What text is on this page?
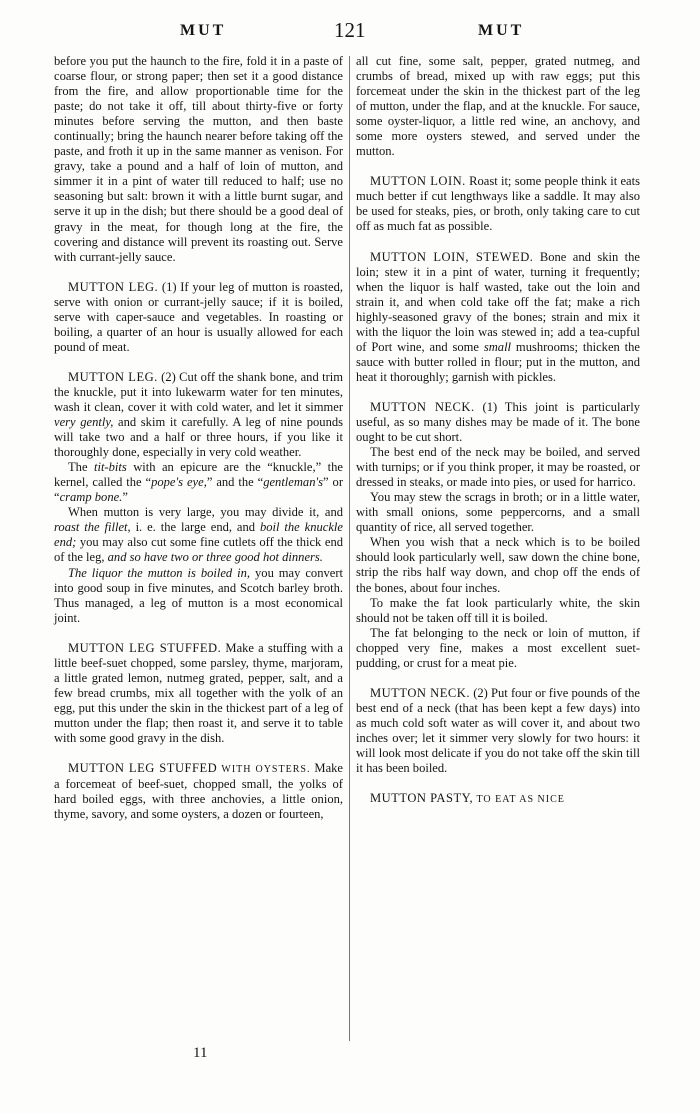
MUT	121	MUT

before you put the haunch to the fire, fold it in a paste of coarse flour, or strong paper; then set it a good distance from the fire, and allow proportionable time for the paste; do not take it off, till about thirty-five or forty minutes before serving the mutton, and then baste continually; bring the haunch nearer before taking off the paste, and froth it up in the same manner as venison. For gravy, take a pound and a half of loin of mutton, and simmer it in a pint of water till reduced to half; use no seasoning but salt: brown it with a little burnt sugar, and serve it up in the dish; but there should be a good deal of gravy in the meat, for though long at the fire, the covering and distance will prevent its roasting out. Serve with currant-jelly sauce.

MUTTON LEG. (1) If your leg of mutton is roasted, serve with onion or currant-jelly sauce; if it is boiled, serve with caper-sauce and vegetables. In roasting or boiling, a quarter of an hour is usually allowed for each pound of meat.

MUTTON LEG. (2) Cut off the shank bone, and trim the knuckle, put it into lukewarm water for ten minutes, wash it clean, cover it with cold water, and let it simmer very gently, and skim it carefully. A leg of nine pounds will take two and a half or three hours, if you like it thoroughly done, especially in very cold weather.

The tit-bits with an epicure are the “knuckle,” the kernel, called the “pope's eye,” and the “gentleman's” or “cramp bone.”

When mutton is very large, you may divide it, and roast the fillet, i. e. the large end, and boil the knuckle end; you may also cut some fine cutlets off the thick end of the leg, and so have two or three good hot dinners.

The liquor the mutton is boiled in, you may convert into good soup in five minutes, and Scotch barley broth. Thus managed, a leg of mutton is a most economical joint.

MUTTON LEG STUFFED. Make a stuffing with a little beef-suet chopped, some parsley, thyme, marjoram, a little grated lemon, nutmeg grated, pepper, salt, and a few bread crumbs, mix all together with the yolk of an egg, put this under the skin in the thickest part of a leg of mutton under the flap; then roast it, and serve it to table with some good gravy in the dish.

MUTTON LEG STUFFED WITH OYSTERS. Make a forcemeat of beef-suet, chopped small, the yolks of hard boiled eggs, with three anchovies, a little onion, thyme, savory, and some oysters, a dozen or fourteen,

all cut fine, some salt, pepper, grated nutmeg, and crumbs of bread, mixed up with raw eggs; put this forcemeat under the skin in the thickest part of the leg of mutton, under the flap, and at the knuckle. For sauce, some oyster-liquor, a little red wine, an anchovy, and some more oysters stewed, and served under the mutton.

MUTTON LOIN. Roast it; some people think it eats much better if cut lengthways like a saddle. It may also be used for steaks, pies, or broth, only taking care to cut off as much fat as possible.

MUTTON LOIN, STEWED. Bone and skin the loin; stew it in a pint of water, turning it frequently; when the liquor is half wasted, take out the loin and strain it, and when cold take off the fat; make a rich highly-seasoned gravy of the bones; strain and mix it with the liquor the loin was stewed in; add a tea-cupful of Port wine, and some small mushrooms; thicken the sauce with butter rolled in flour; put in the mutton, and heat it thoroughly; garnish with pickles.

MUTTON NECK. (1) This joint is particularly useful, as so many dishes may be made of it. The bone ought to be cut short.

The best end of the neck may be boiled, and served with turnips; or if you think proper, it may be roasted, or dressed in steaks, or made into pies, or used for harrico.

You may stew the scrags in broth; or in a little water, with small onions, some peppercorns, and a small quantity of rice, all served together.

When you wish that a neck which is to be boiled should look particularly well, saw down the chine bone, strip the ribs half way down, and chop off the ends of the bones, about four inches.

To make the fat look particularly white, the skin should not be taken off till it is boiled.

The fat belonging to the neck or loin of mutton, if chopped very fine, makes a most excellent suet-pudding, or crust for a meat pie.

MUTTON NECK. (2) Put four or five pounds of the best end of a neck (that has been kept a few days) into as much cold soft water as will cover it, and about two inches over; let it simmer very slowly for two hours: it will look most delicate if you do not take off the skin till it has been boiled.

MUTTON PASTY, TO EAT AS NICE

11
